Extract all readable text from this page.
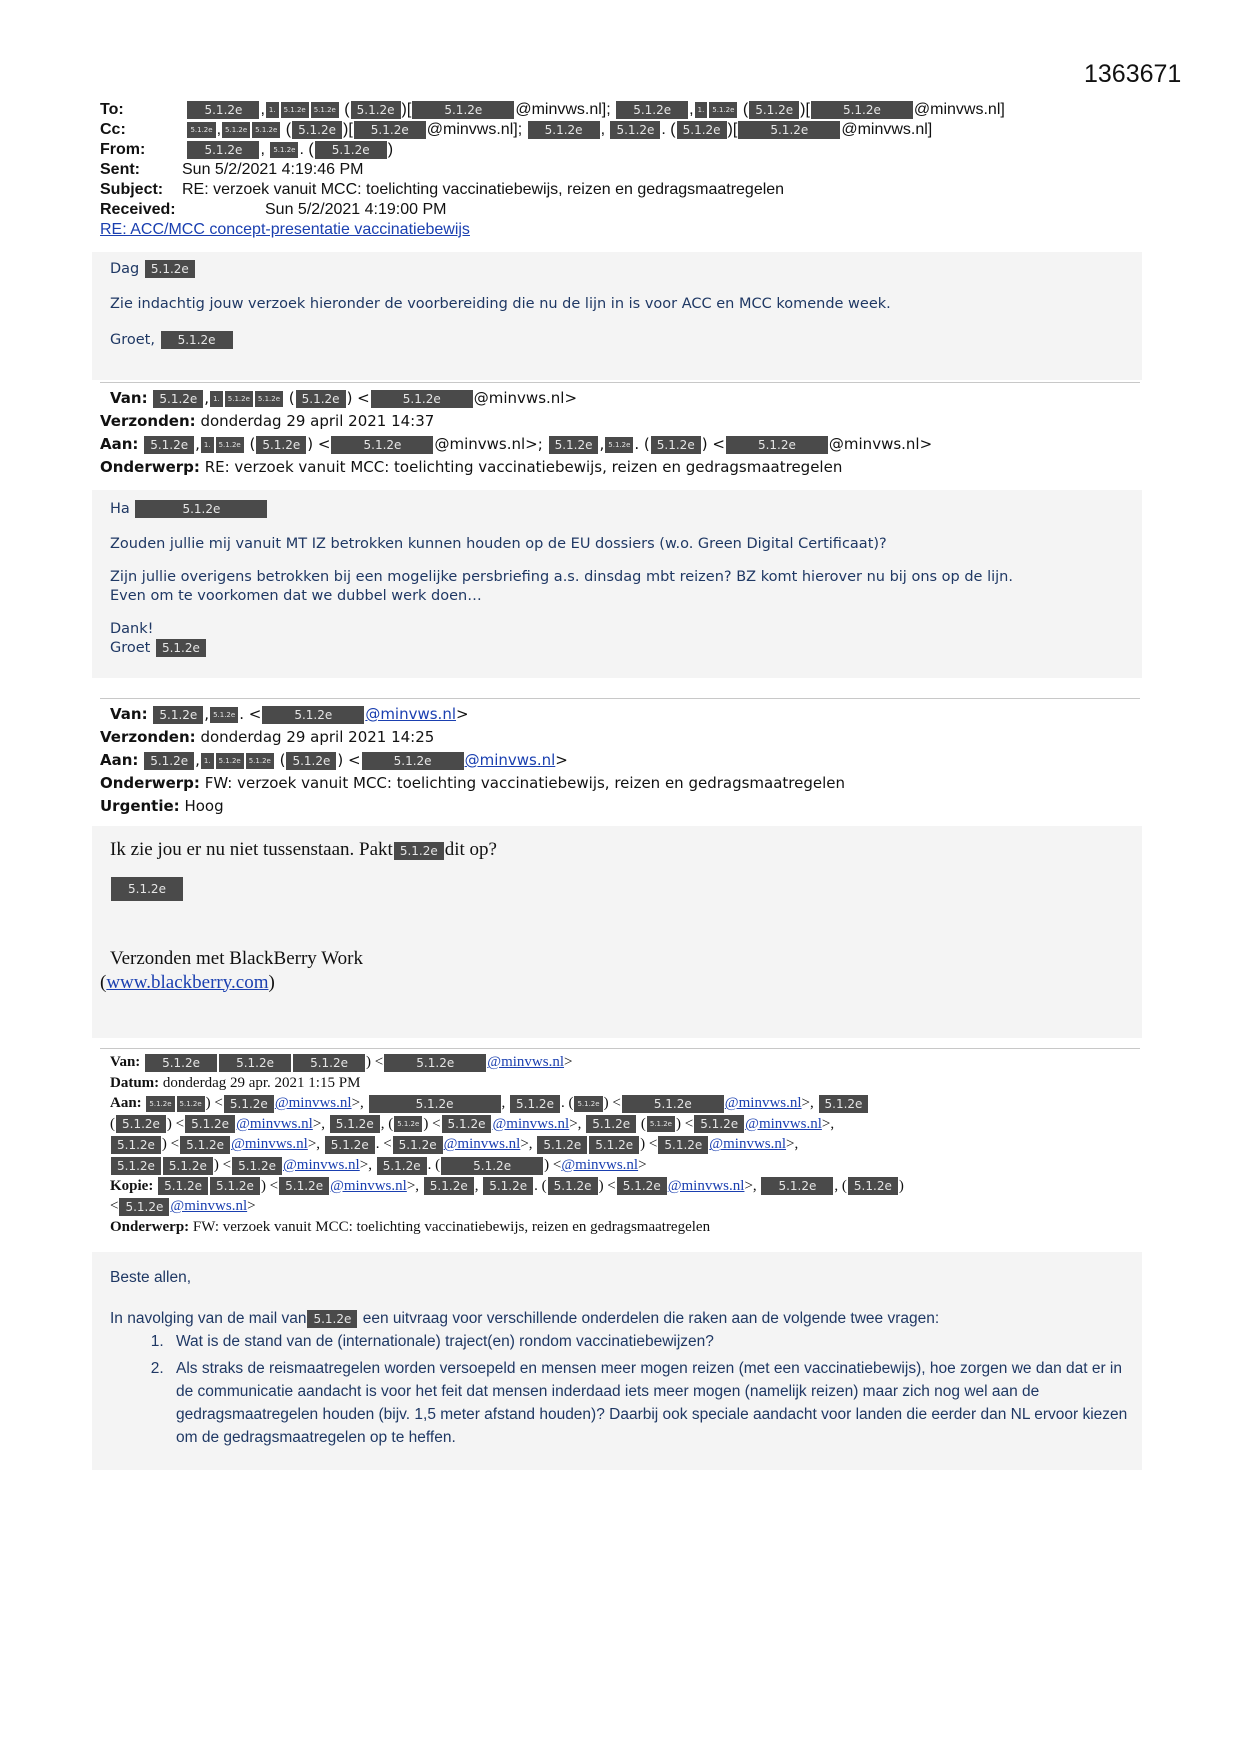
1363671
To:	5.1.2e , 1. 5.1.2e 5.1.2e ( 5.1.2e )[	5.1.2e @minvws.nl]; 5.1.2e , 1. 5.1.2e ( 5.1.2e )[	5.1.2e @minvws.nl]
Cc:	5.1.2e , 5.1.2e 5.1.2e ( 5.1.2e )[ 5.1.2e @minvws.nl]; 5.1.2e , 5.1.2e . ( 5.1.2e )[	5.1.2e @minvws.nl]
From:	5.1.2e , 5.1.2e . ( 5.1.2e )
Sent:	Sun 5/2/2021 4:19:46 PM
Subject: RE: verzoek vanuit MCC: toelichting vaccinatiebewijs, reizen en gedragsmaatregelen
Received:	Sun 5/2/2021 4:19:00 PM
RE: ACC/MCC concept-presentatie vaccinatiebewijs
Dag 5.1.2e
Zie indachtig jouw verzoek hieronder de voorbereiding die nu de lijn in is voor ACC en MCC komende week.
Groet, 5.1.2e
Van: 5.1.2e , 1. 5.1.2e 5.1.2e ( 5.1.2e ) <	5.1.2e @minvws.nl>
Verzonden: donderdag 29 april 2021 14:37
Aan: 5.1.2e , 1. 5.1.2e ( 5.1.2e ) <	5.1.2e @minvws.nl>; 5.1.2e , 5.1.2e . ( 5.1.2e ) <	5.1.2e @minvws.nl>
Onderwerp: RE: verzoek vanuit MCC: toelichting vaccinatiebewijs, reizen en gedragsmaatregelen
Ha	5.1.2e
Zouden jullie mij vanuit MT IZ betrokken kunnen houden op de EU dossiers (w.o. Green Digital Certificaat)?
Zijn jullie overigens betrokken bij een mogelijke persbriefing a.s. dinsdag mbt reizen? BZ komt hierover nu bij ons op de lijn.
Even om te voorkomen dat we dubbel werk doen…
Dank!
Groet 5.1.2e
Van: 5.1.2e , 5.1.2e . <	5.1.2e @minvws.nl>
Verzonden: donderdag 29 april 2021 14:25
Aan: 5.1.2e , 1. 5.1.2e 5.1.2e ( 5.1.2e ) <	5.1.2e @minvws.nl>
Onderwerp: FW: verzoek vanuit MCC: toelichting vaccinatiebewijs, reizen en gedragsmaatregelen
Urgentie: Hoog
Ik zie jou er nu niet tussenstaan. Pakt 5.1.2e dit op?
5.1.2e
Verzonden met BlackBerry Work
(www.blackberry.com)
Van: 5.1.2e	5.1.2e	5.1.2e ) <	5.1.2e @minvws.nl>
Datum: donderdag 29 apr. 2021 1:15 PM
Aan: 5.1.2e 5.1.2e ) < 5.1.2e @minvws.nl>,	5.1.2e	, 5.1.2e . ( 5.1.2e ) <	5.1.2e @minvws.nl>, 5.1.2e
( 5.1.2e ) < 5.1.2e @minvws.nl>, 5.1.2e , ( 5.1.2e ) < 5.1.2e @minvws.nl>, 5.1.2e ( 5.1.2e ) < 5.1.2e @minvws.nl>,
5.1.2e ) < 5.1.2e @minvws.nl>, 5.1.2e . < 5.1.2e @minvws.nl>, 5.1.2e 5.1.2e ) < 5.1.2e @minvws.nl>,
5.1.2e 5.1.2e ) < 5.1.2e @minvws.nl>, 5.1.2e . (	5.1.2e ) <@minvws.nl>
Kopie: 5.1.2e 5.1.2e ) < 5.1.2e @minvws.nl>, 5.1.2e , 5.1.2e . ( 5.1.2e ) < 5.1.2e @minvws.nl>, 5.1.2e , ( 5.1.2e )
< 5.1.2e @minvws.nl>
Onderwerp: FW: verzoek vanuit MCC: toelichting vaccinatiebewijs, reizen en gedragsmaatregelen
Beste allen,
In navolging van de mail van 5.1.2e een uitvraag voor verschillende onderdelen die raken aan de volgende twee vragen:
1. Wat is de stand van de (internationale) traject(en) rondom vaccinatiebewijzen?
2. Als straks de reismaatregelen worden versoepeld en mensen meer mogen reizen (met een vaccinatiebewijs), hoe zorgen we dan dat er in de communicatie aandacht is voor het feit dat mensen inderdaad iets meer mogen (namelijk reizen) maar zich nog wel aan de gedragsmaatregelen houden (bijv. 1,5 meter afstand houden)? Daarbij ook speciale aandacht voor landen die eerder dan NL ervoor kiezen om de gedragsmaatregelen op te heffen.
